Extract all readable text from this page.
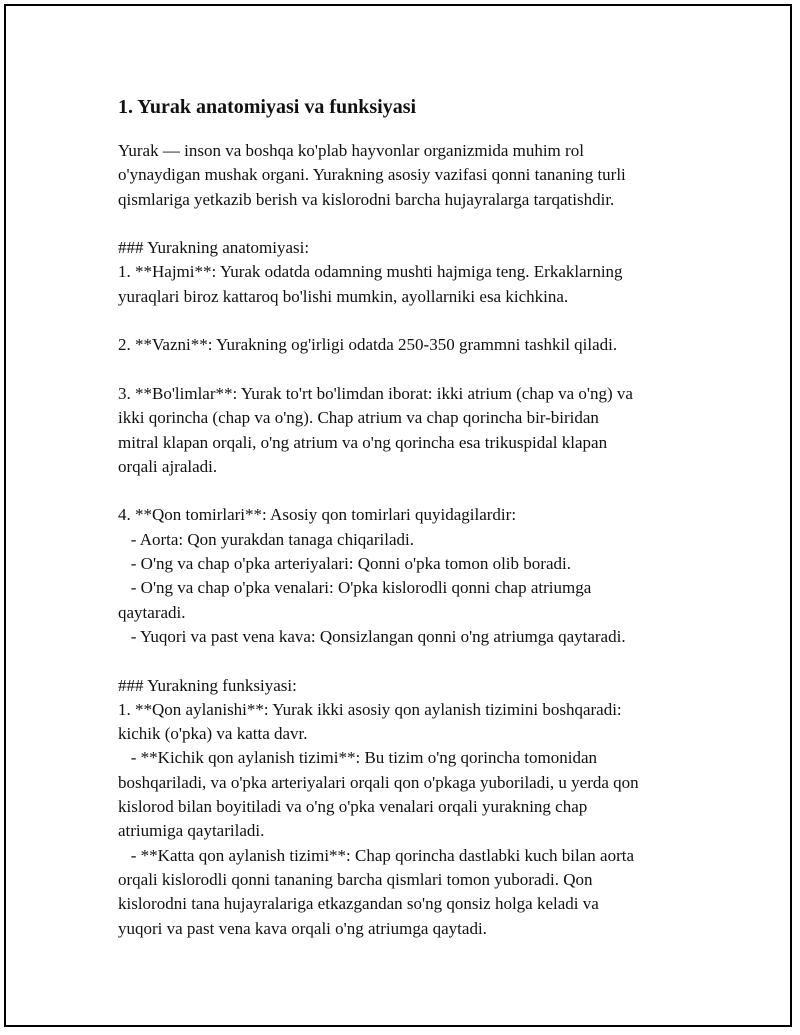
1. Yurak anatomiyasi va funksiyasi

Yurak — inson va boshqa ko'plab hayvonlar organizmida muhim rol
o'ynaydigan mushak organi. Yurakning asosiy vazifasi qonni tananing turli
qismlariga yetkazib berish va kislorodni barcha hujayralarga tarqatishdir.

### Yurakning anatomiyasi:
1. **Hajmi**: Yurak odatda odamning mushti hajmiga teng. Erkaklarning
yuraqlari biroz kattaroq bo'lishi mumkin, ayollarniki esa kichkina.

2. **Vazni**: Yurakning og'irligi odatda 250-350 grammni tashkil qiladi.

3. **Bo'limlar**: Yurak to'rt bo'limdan iborat: ikki atrium (chap va o'ng) va
ikki qorincha (chap va o'ng). Chap atrium va chap qorincha bir-biridan
mitral klapan orqali, o'ng atrium va o'ng qorincha esa trikuspidal klapan
orqali ajraladi.

4. **Qon tomirlari**: Asosiy qon tomirlari quyidagilardir:
- Aorta: Qon yurakdan tanaga chiqariladi.
- O'ng va chap o'pka arteriyalari: Qonni o'pka tomon olib boradi.
- O'ng va chap o'pka venalari: O'pka kislorodli qonni chap atriumga
qaytaradi.
- Yuqori va past vena kava: Qonsizlangan qonni o'ng atriumga qaytaradi.

### Yurakning funksiyasi:
1. **Qon aylanishi**: Yurak ikki asosiy qon aylanish tizimini boshqaradi:
kichik (o'pka) va katta davr.
- **Kichik qon aylanish tizimi**: Bu tizim o'ng qorincha tomonidan
boshqariladi, va o'pka arteriyalari orqali qon o'pkaga yuboriladi, u yerda qon
kislorod bilan boyitiladi va o'ng o'pka venalari orqali yurakning chap
atriumiga qaytariladi.
- **Katta qon aylanish tizimi**: Chap qorincha dastlabki kuch bilan aorta
orqali kislorodli qonni tananing barcha qismlari tomon yuboradi. Qon
kislorodni tana hujayralariga etkazgandan so'ng qonsiz holga keladi va
yuqori va past vena kava orqali o'ng atriumga qaytadi.
